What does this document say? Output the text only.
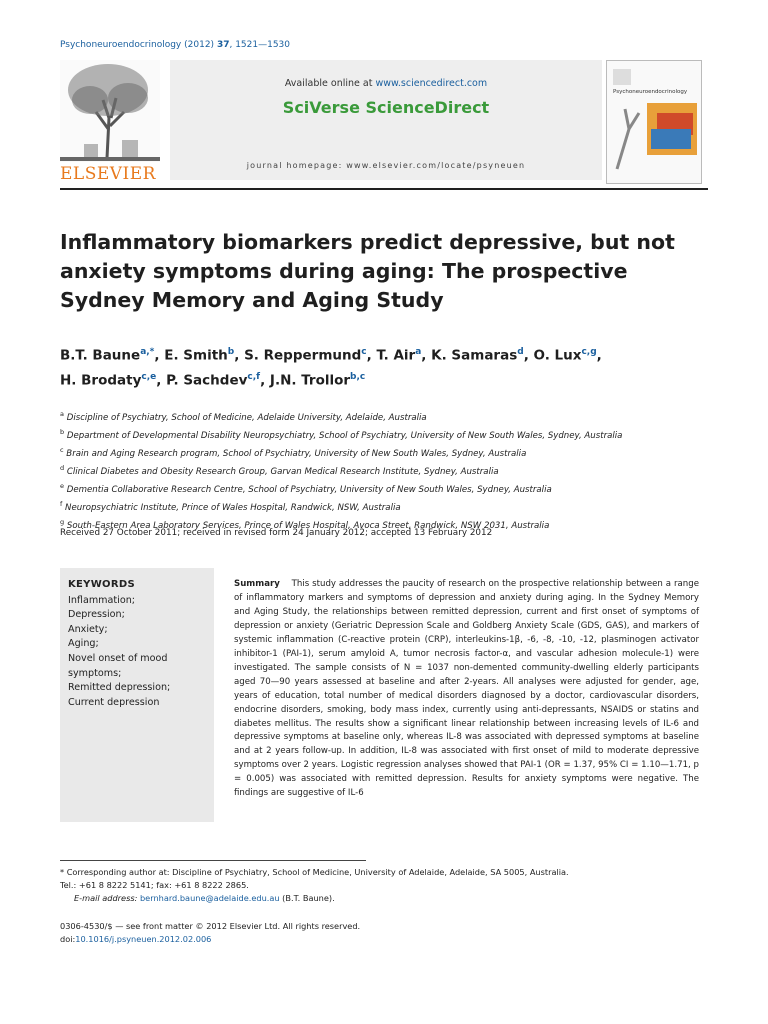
Psychoneuroendocrinology (2012) 37, 1521—1530
ELSEVIER
Available online at www.sciencedirect.com
SciVerse ScienceDirect
journal homepage: www.elsevier.com/locate/psyneuen
Psychoneuroendocrinology
Inflammatory biomarkers predict depressive, but not anxiety symptoms during aging: The prospective Sydney Memory and Aging Study
B.T. Baune$^{a,*}$, E. Smith$^b$, S. Reppermund$^c$, T. Air$^a$, K. Samaras$^d$, O. Lux$^{c,g}$,
H. Brodaty$^{c,e}$, P. Sachdev$^{c,f}$, J.N. Trollor$^{b,c}$
$^a$ Discipline of Psychiatry, School of Medicine, Adelaide University, Adelaide, Australia
$^b$ Department of Developmental Disability Neuropsychiatry, School of Psychiatry, University of New South Wales, Sydney, Australia
$^c$ Brain and Aging Research program, School of Psychiatry, University of New South Wales, Sydney, Australia
$^d$ Clinical Diabetes and Obesity Research Group, Garvan Medical Research Institute, Sydney, Australia
$^e$ Dementia Collaborative Research Centre, School of Psychiatry, University of New South Wales, Sydney, Australia
$^f$ Neuropsychiatric Institute, Prince of Wales Hospital, Randwick, NSW, Australia
$^g$ South-Eastern Area Laboratory Services, Prince of Wales Hospital, Avoca Street, Randwick, NSW 2031, Australia
Received 27 October 2011; received in revised form 24 January 2012; accepted 13 February 2012
KEYWORDS
Inflammation;
Depression;
Anxiety;
Aging;
Novel onset of mood symptoms;
Remitted depression;
Current depression
Summary This study addresses the paucity of research on the prospective relationship between a range of inflammatory markers and symptoms of depression and anxiety during aging. In the Sydney Memory and Aging Study, the relationships between remitted depression, current and first onset of symptoms of depression or anxiety (Geriatric Depression Scale and Goldberg Anxiety Scale (GDS, GAS), and markers of systemic inflammation (C-reactive protein (CRP), interleukins-1β, -6, -8, -10, -12, plasminogen activator inhibitor-1 (PAI-1), serum amyloid A, tumor necrosis factor-α, and vascular adhesion molecule-1) were investigated. The sample consists of N = 1037 non-demented community-dwelling elderly participants aged 70—90 years assessed at baseline and after 2-years. All analyses were adjusted for gender, age, years of education, total number of medical disorders diagnosed by a doctor, cardiovascular disorders, endocrine disorders, smoking, body mass index, currently using anti-depressants, NSAIDS or statins and diabetes mellitus. The results show a significant linear relationship between increasing levels of IL-6 and depressive symptoms at baseline only, whereas IL-8 was associated with depressed symptoms at baseline and at 2 years follow-up. In addition, IL-8 was associated with first onset of mild to moderate depressive symptoms over 2 years. Logistic regression analyses showed that PAI-1 (OR = 1.37, 95% CI = 1.10—1.71, p = 0.005) was associated with remitted depression. Results for anxiety symptoms were negative. The findings are suggestive of IL-6
* Corresponding author at: Discipline of Psychiatry, School of Medicine, University of Adelaide, Adelaide, SA 5005, Australia.
Tel.: +61 8 8222 5141; fax: +61 8 8222 2865.
E-mail address: bernhard.baune@adelaide.edu.au (B.T. Baune).
0306-4530/$ — see front matter © 2012 Elsevier Ltd. All rights reserved.
doi:10.1016/j.psyneuen.2012.02.006
